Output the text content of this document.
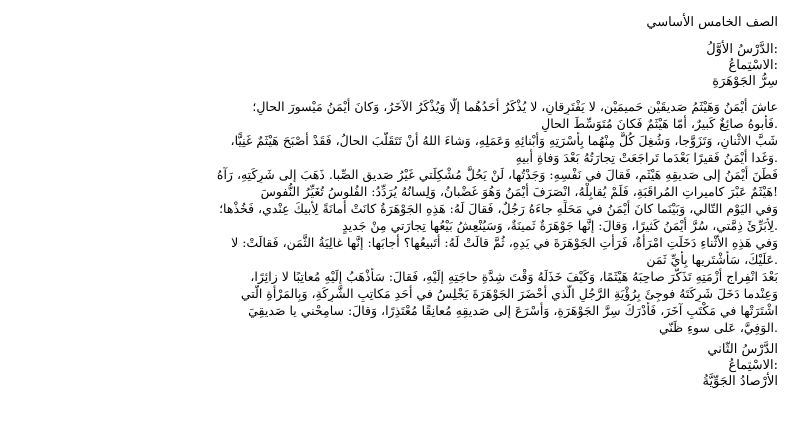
الصف الخامس الأساسي

:الدَّرْسُ الأوَّلُ

:الاسْتِماعُ

سِرُّ الجَوْهَرَةِ

عاشَ أيْمَنُ وَهَيْثَمُ صَديقَيْنِ حَميمَيْنِ، لا يَفْتَرِقانِ، لا يُذْكَرُ أحَدُهُما إلّا وَيُذْكَرُ الآخَرُ، وَكانَ أيْمَنُ مَيْسورَ الحالِ؛

.فَأبوهُ صائِغٌ كَبيرٌ، أمّا هَيْثَمٌ فَكانَ مُتَوَسِّطَ الحالِ

شَبَّ الاثْنانِ، وَتَزَوَّجا، وَشُغِلَ كُلٌّ مِنْهُما بِأسْرَتِهِ وَأبْنائِهِ وَعَمَلِهِ، وَشاءَ اللهُ أنْ تَتَقَلَّبَ الحالُ، فَقَدْ أصْبَحَ هَيْثَمٌ غَنِيًّا،

.وَغَدا أيْمَنُ فَقيرًا بَعْدَما تَراجَعَتْ تِجارَتُهُ بَعْدَ وَفاةِ أبيهِ

فَطَنَ أيْمَنُ إلى صَديقِهِ هَيْثَمٍ، فَقالَ في نَفْسِهِ: وَجَدْتُها، لَنْ يَحُلَّ مُشْكِلَتي غَيْرُ صَديقِ الصِّبا. ذَهَبَ إلى شَرِكَتِهِ، رَآهُ

!هَيْثَمٌ عَبْرَ كاميراتِ المُراقَبَةِ، فَلَمْ يُقابِلْهُ، انْصَرَفَ أيْمَنُ وَهُوَ غَضْبانُ، وَلِسانُهُ يُرَدِّدُ: الفُلوسُ تُغَيِّرُ النُّفوسَ

وَفي اليَوْمِ التّالي، وَبَيْنَما كانَ أيْمَنُ في مَحَلِّهِ جاءَهُ رَجُلٌ، فَقالَ لَهُ: هَذِهِ الجَوْهَرَةُ كانَتْ أمانَةً لِأبيكَ عِنْدي، فَخُذْها؛

.لِأبَرِّئَ ذِمَّتي، سُرَّ أيْمَنُ كَثيرًا، وَقالَ: إنَّها جَوْهَرَةٌ ثَمينَةٌ، وَسَيُنْعِشُ بَيْعُها تِجارَتي مِنْ جَديدٍ

وَفي هَذِهِ الأثْناءِ دَخَلَتِ امْرَأةٌ، فَرَأتِ الجَوْهَرَةَ في يَدِهِ، ثُمَّ قالَتْ لَهُ: أتَبيعُها؟ أجابَها: إنَّها غالِيَةُ الثَّمَنِ، فَقالَتْ: لا

.عَلَيْكَ، سَأشْتَريها بِأيِّ ثَمَنٍ

بَعْدَ انْفِراجِ أزْمَتِهِ تَذَكَّرَ صاحِبَهُ هَيْثَمًا، وَكَيْفَ خَذَلَهُ وَقْتَ شِدَّةِ حاجَتِهِ إلَيْهِ، فَقالَ: سَأذْهَبُ إلَيْهِ مُعاتِبًا لا زائِرًا،

وَعِنْدما دَخَلَ شَرِكَتَهُ فوجِئَ بِرُؤْيَةِ الرَّجُلِ الّذي أحْضَرَ الجَوْهَرَةَ يَجْلِسُ في أحَدِ مَكاتِبِ الشَّرِكَةِ، وَبِالمَرْأةِ الّتي

اشْتَرَتْها في مَكْتَبٍ آخَرَ، فَأدْرَكَ سِرَّ الجَوْهَرَةِ، وَأسْرَعَ إلى صَديقِهِ مُعانِقًا مُعْتَذِرًا، وَقالَ: سامِحْني يا صَديقِيَ

.الوَفِيَّ، عَلى سوءِ ظَنّي

الدَّرْسُ الثّاني

:الاسْتِماعُ

الأرْصادُ الجَوِّيَّةُ
